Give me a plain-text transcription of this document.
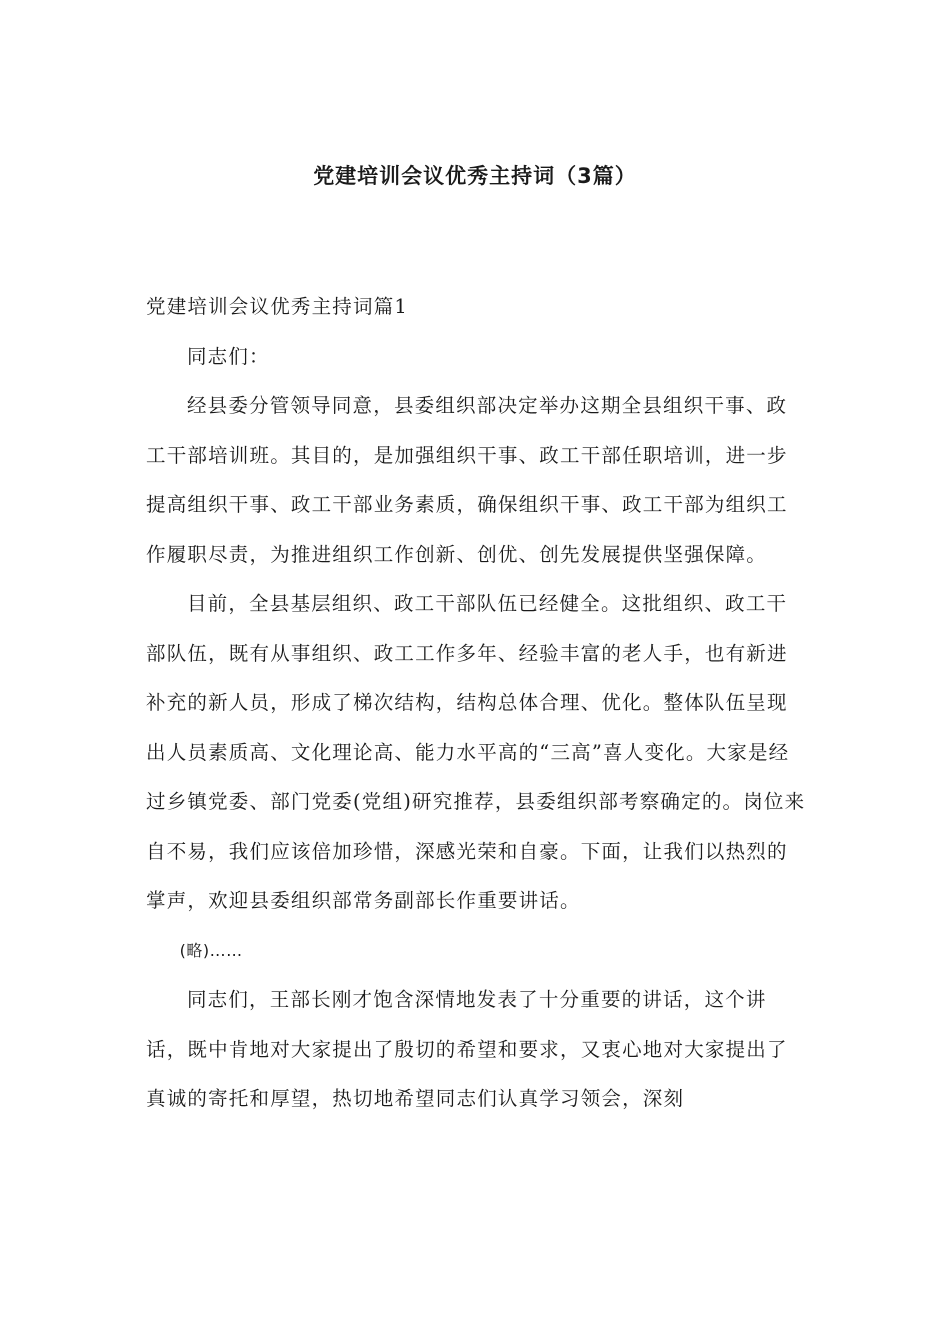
党建培训会议优秀主持词（3篇）

党建培训会议优秀主持词篇1

同志们：

经县委分管领导同意，县委组织部决定举办这期全县组织干事、政工干部培训班。其目的，是加强组织干事、政工干部任职培训，进一步提高组织干事、政工干部业务素质，确保组织干事、政工干部为组织工作履职尽责，为推进组织工作创新、创优、创先发展提供坚强保障。

目前，全县基层组织、政工干部队伍已经健全。这批组织、政工干部队伍，既有从事组织、政工工作多年、经验丰富的老人手，也有新进补充的新人员，形成了梯次结构，结构总体合理、优化。整体队伍呈现出人员素质高、文化理论高、能力水平高的“三高”喜人变化。大家是经过乡镇党委、部门党委(党组)研究推荐，县委组织部考察确定的。岗位来自不易，我们应该倍加珍惜，深感光荣和自豪。下面，让我们以热烈的掌声，欢迎县委组织部常务副部长作重要讲话。

(略)……

同志们，王部长刚才饱含深情地发表了十分重要的讲话，这个讲话，既中肯地对大家提出了殷切的希望和要求，又衷心地对大家提出了真诚的寄托和厚望，热切地希望同志们认真学习领会，深刻
